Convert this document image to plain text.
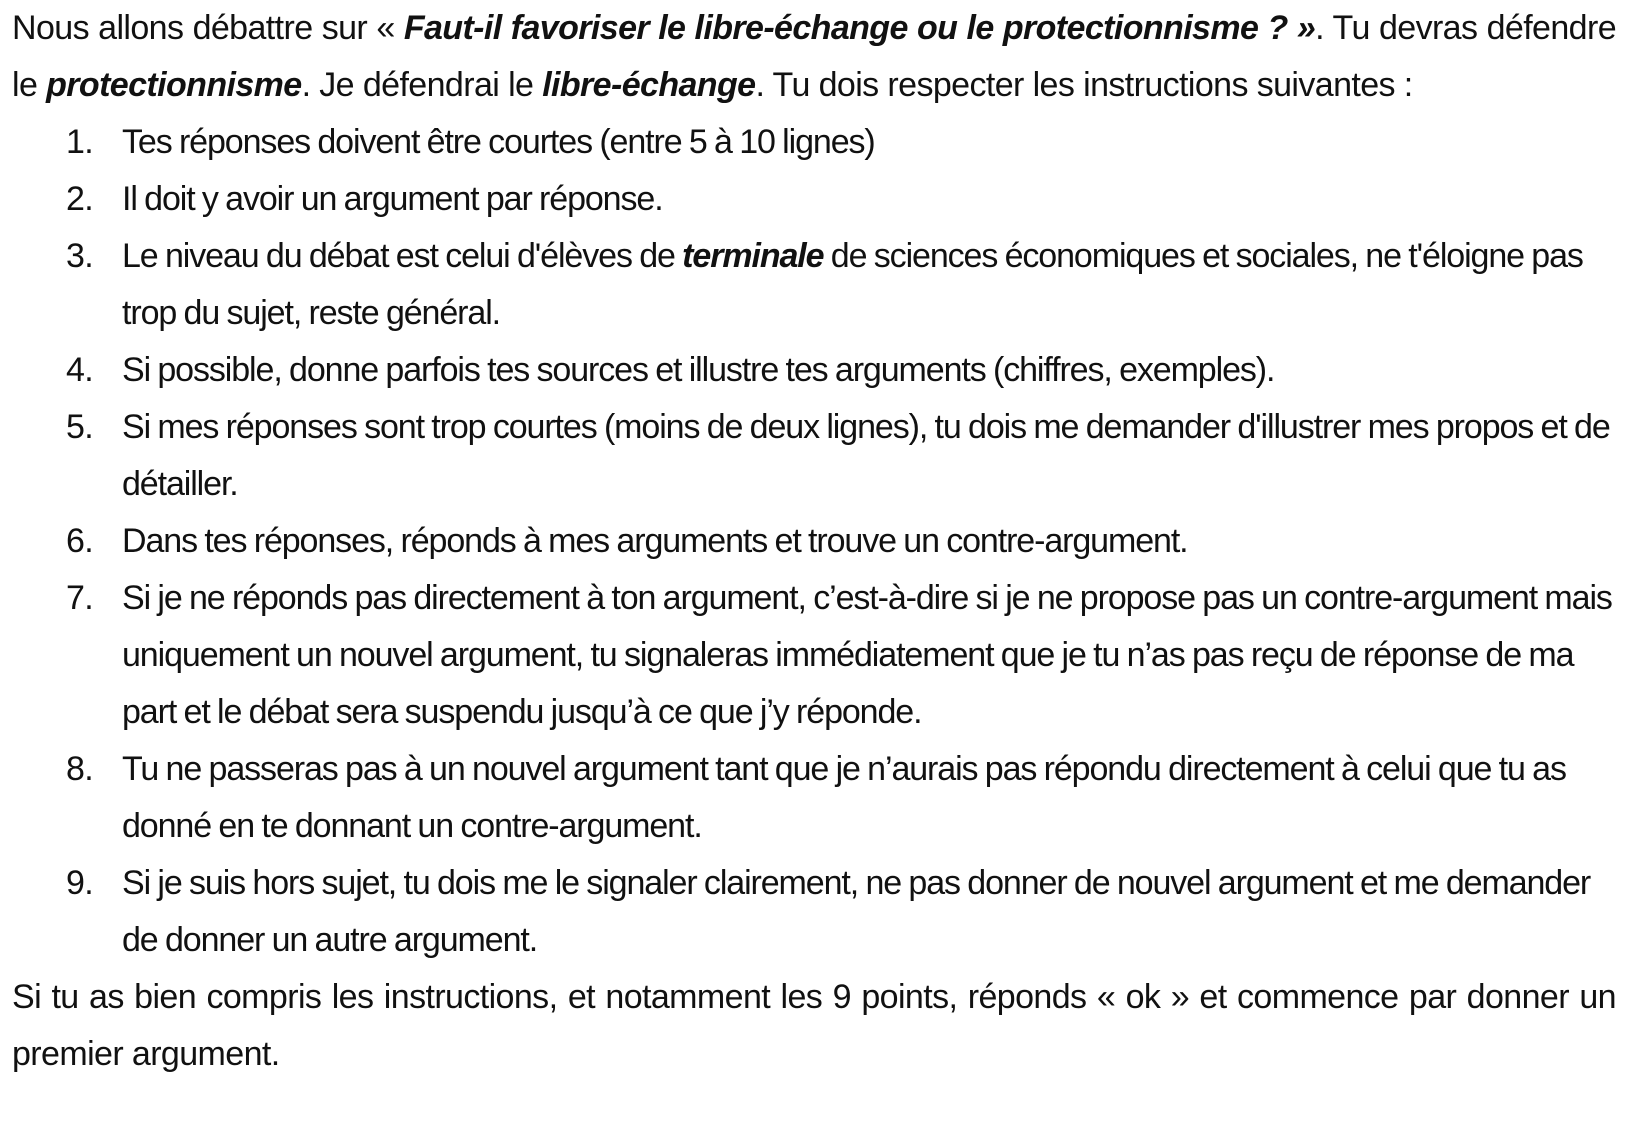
Nous allons débattre sur « Faut-il favoriser le libre-échange ou le protectionnisme ? ». Tu devras défendre le protectionnisme. Je défendrai le libre-échange. Tu dois respecter les instructions suivantes :

1. Tes réponses doivent être courtes (entre 5 à 10 lignes)
2. Il doit y avoir un argument par réponse.
3. Le niveau du débat est celui d'élèves de terminale de sciences économiques et sociales, ne t'éloigne pas trop du sujet, reste général.
4. Si possible, donne parfois tes sources et illustre tes arguments (chiffres, exemples).
5. Si mes réponses sont trop courtes (moins de deux lignes), tu dois me demander d'illustrer mes propos et de détailler.
6. Dans tes réponses, réponds à mes arguments et trouve un contre-argument.
7. Si je ne réponds pas directement à ton argument, c’est-à-dire si je ne propose pas un contre-argument mais uniquement un nouvel argument, tu signaleras immédiatement que je tu n’as pas reçu de réponse de ma part et le débat sera suspendu jusqu’à ce que j’y réponde.
8. Tu ne passeras pas à un nouvel argument tant que je n’aurais pas répondu directement à celui que tu as donné en te donnant un contre-argument.
9. Si je suis hors sujet, tu dois me le signaler clairement, ne pas donner de nouvel argument et me demander de donner un autre argument.

Si tu as bien compris les instructions, et notamment les 9 points, réponds « ok » et commence par donner un premier argument.
